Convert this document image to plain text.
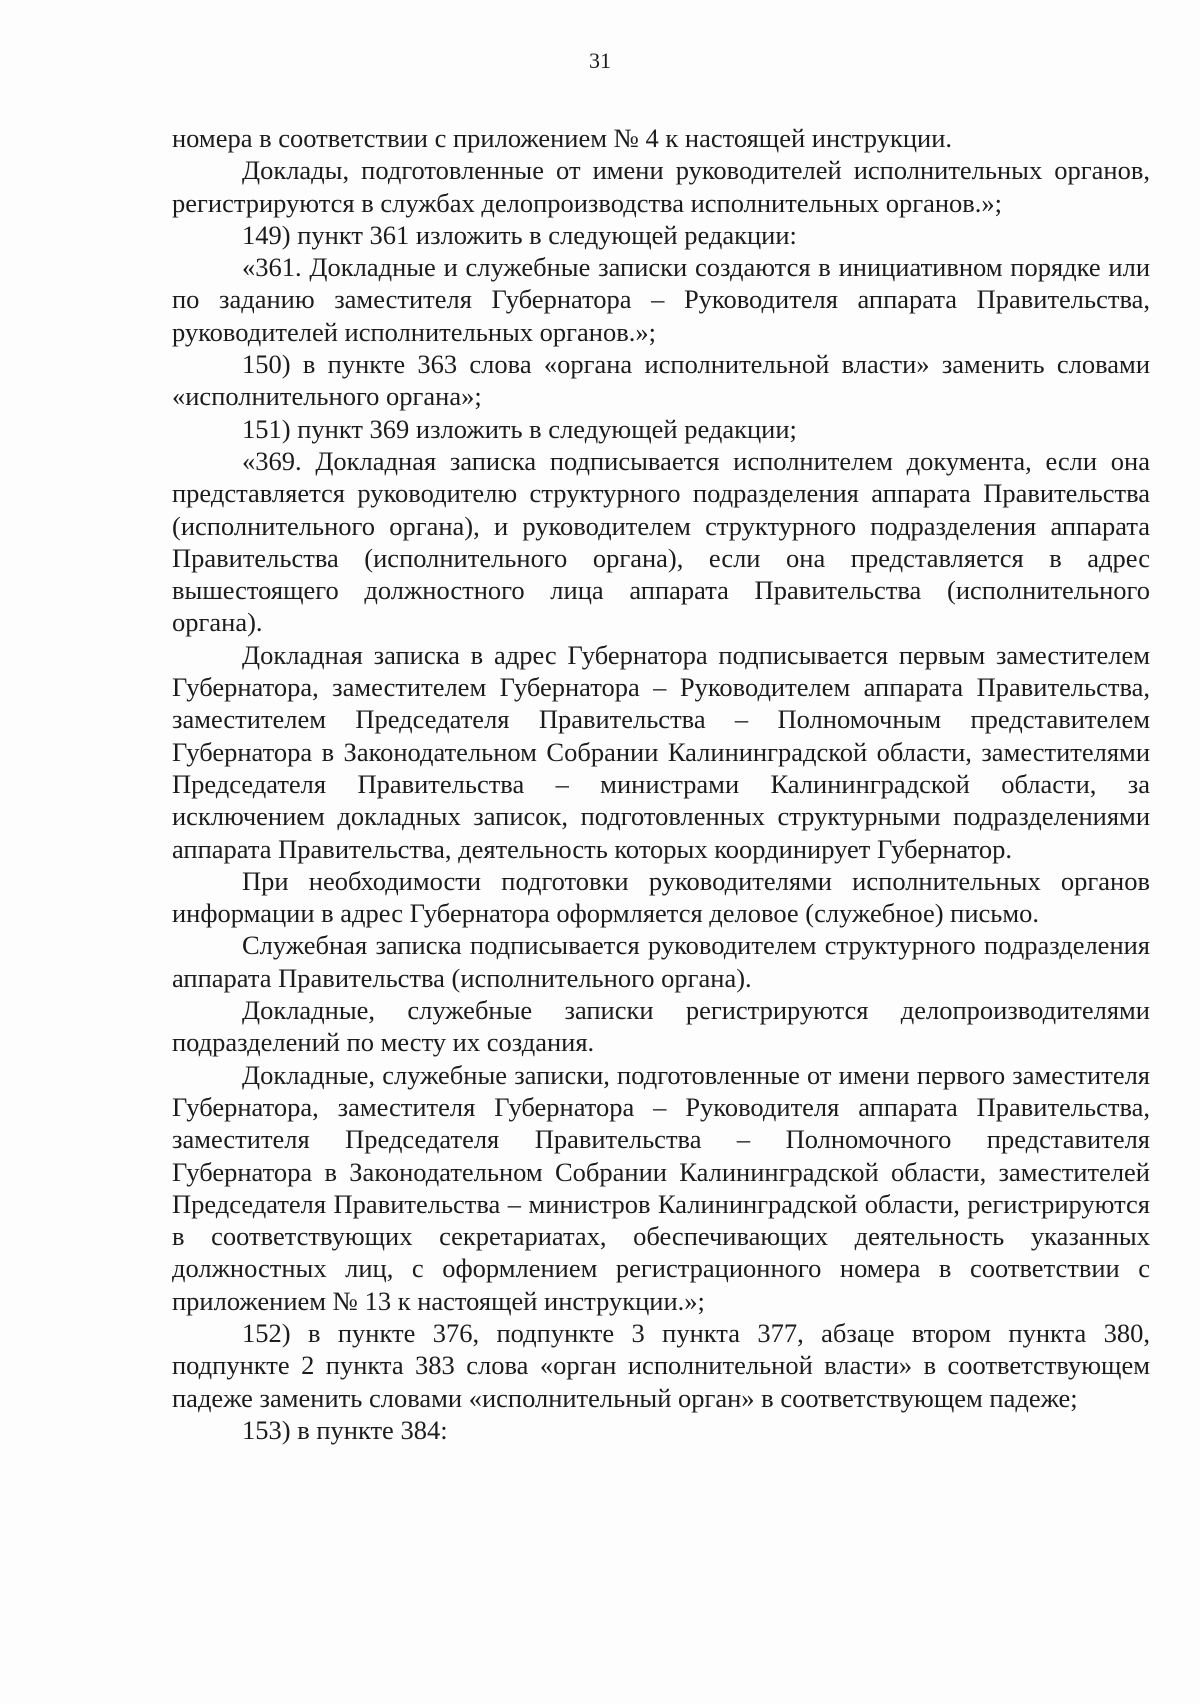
31

номера в соответствии с приложением № 4 к настоящей инструкции.

Доклады, подготовленные от имени руководителей исполнительных органов, регистрируются в службах делопроизводства исполнительных органов.»;

149) пункт 361 изложить в следующей редакции:

«361. Докладные и служебные записки создаются в инициативном порядке или по заданию заместителя Губернатора – Руководителя аппарата Правительства, руководителей исполнительных органов.»;

150) в пункте 363 слова «органа исполнительной власти» заменить словами «исполнительного органа»;

151) пункт 369 изложить в следующей редакции;

«369. Докладная записка подписывается исполнителем документа, если она представляется руководителю структурного подразделения аппарата Правительства (исполнительного органа), и руководителем структурного подразделения аппарата Правительства (исполнительного органа), если она представляется в адрес вышестоящего должностного лица аппарата Правительства (исполнительного органа).

Докладная записка в адрес Губернатора подписывается первым заместителем Губернатора, заместителем Губернатора – Руководителем аппарата Правительства, заместителем Председателя Правительства – Полномочным представителем Губернатора в Законодательном Собрании Калининградской области, заместителями Председателя Правительства – министрами Калининградской области, за исключением докладных записок, подготовленных структурными подразделениями аппарата Правительства, деятельность которых координирует Губернатор.

При необходимости подготовки руководителями исполнительных органов информации в адрес Губернатора оформляется деловое (служебное) письмо.

Служебная записка подписывается руководителем структурного подразделения аппарата Правительства (исполнительного органа).

Докладные, служебные записки регистрируются делопроизводителями подразделений по месту их создания.

Докладные, служебные записки, подготовленные от имени первого заместителя Губернатора, заместителя Губернатора – Руководителя аппарата Правительства, заместителя Председателя Правительства – Полномочного представителя Губернатора в Законодательном Собрании Калининградской области, заместителей Председателя Правительства – министров Калининградской области, регистрируются в соответствующих секретариатах, обеспечивающих деятельность указанных должностных лиц, с оформлением регистрационного номера в соответствии с приложением № 13 к настоящей инструкции.»;

152) в пункте 376, подпункте 3 пункта 377, абзаце втором пункта 380, подпункте 2 пункта 383 слова «орган исполнительной власти» в соответствующем падеже заменить словами «исполнительный орган» в соответствующем падеже;

153) в пункте 384:
